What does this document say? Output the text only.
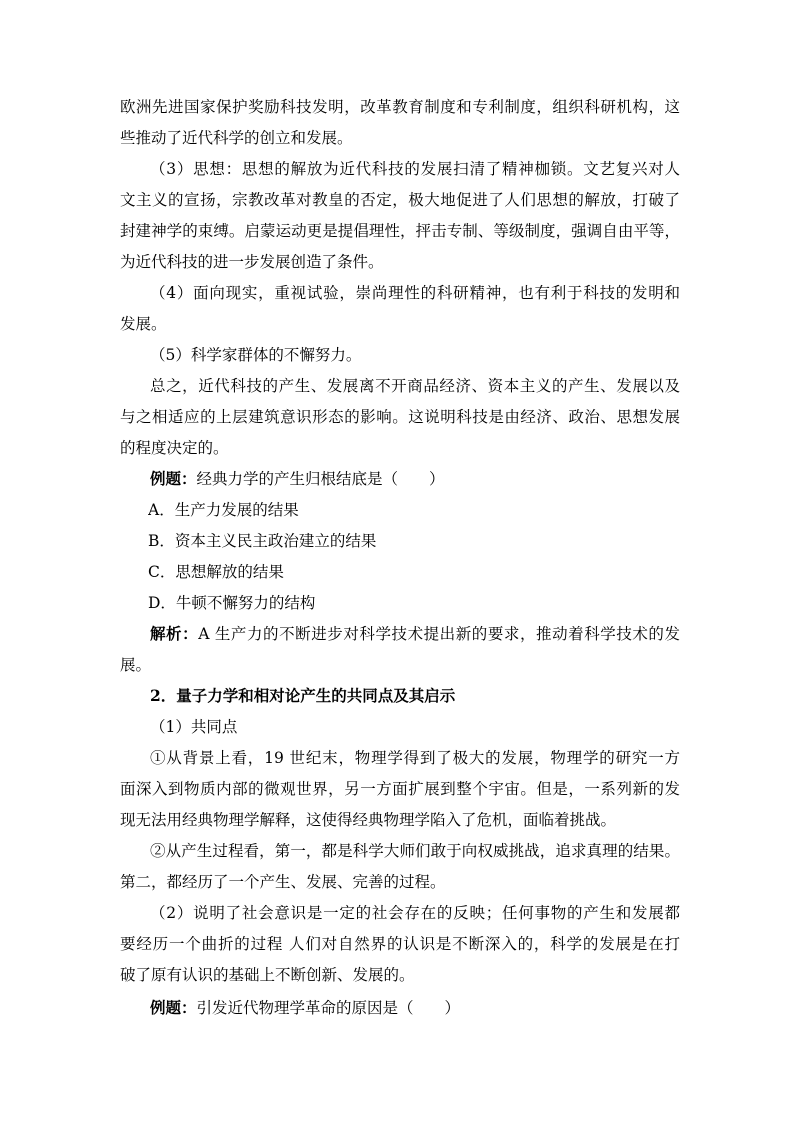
欧洲先进国家保护奖励科技发明，改革教育制度和专利制度，组织科研机构，这
些推动了近代科学的创立和发展。
（3）思想：思想的解放为近代科技的发展扫清了精神枷锁。文艺复兴对人
文主义的宣扬，宗教改革对教皇的否定，极大地促进了人们思想的解放，打破了
封建神学的束缚。启蒙运动更是提倡理性，抨击专制、等级制度，强调自由平等，
为近代科技的进一步发展创造了条件。
（4）面向现实，重视试验，崇尚理性的科研精神，也有利于科技的发明和
发展。
（5）科学家群体的不懈努力。
总之，近代科技的产生、发展离不开商品经济、资本主义的产生、发展以及
与之相适应的上层建筑意识形态的影响。这说明科技是由经济、政治、思想发展
的程度决定的。
例题：经典力学的产生归根结底是（　　）
A．生产力发展的结果
B．资本主义民主政治建立的结果
C．思想解放的结果
D．牛顿不懈努力的结构
解析：A 生产力的不断进步对科学技术提出新的要求，推动着科学技术的发
展。
2．量子力学和相对论产生的共同点及其启示
（1）共同点
①从背景上看，19 世纪末，物理学得到了极大的发展，物理学的研究一方
面深入到物质内部的微观世界，另一方面扩展到整个宇宙。但是，一系列新的发
现无法用经典物理学解释，这使得经典物理学陷入了危机，面临着挑战。
②从产生过程看，第一，都是科学大师们敢于向权威挑战，追求真理的结果。
第二，都经历了一个产生、发展、完善的过程。
（2）说明了社会意识是一定的社会存在的反映；任何事物的产生和发展都
要经历一个曲折的过程 人们对自然界的认识是不断深入的，科学的发展是在打
破了原有认识的基础上不断创新、发展的。
例题：引发近代物理学革命的原因是（　　）
